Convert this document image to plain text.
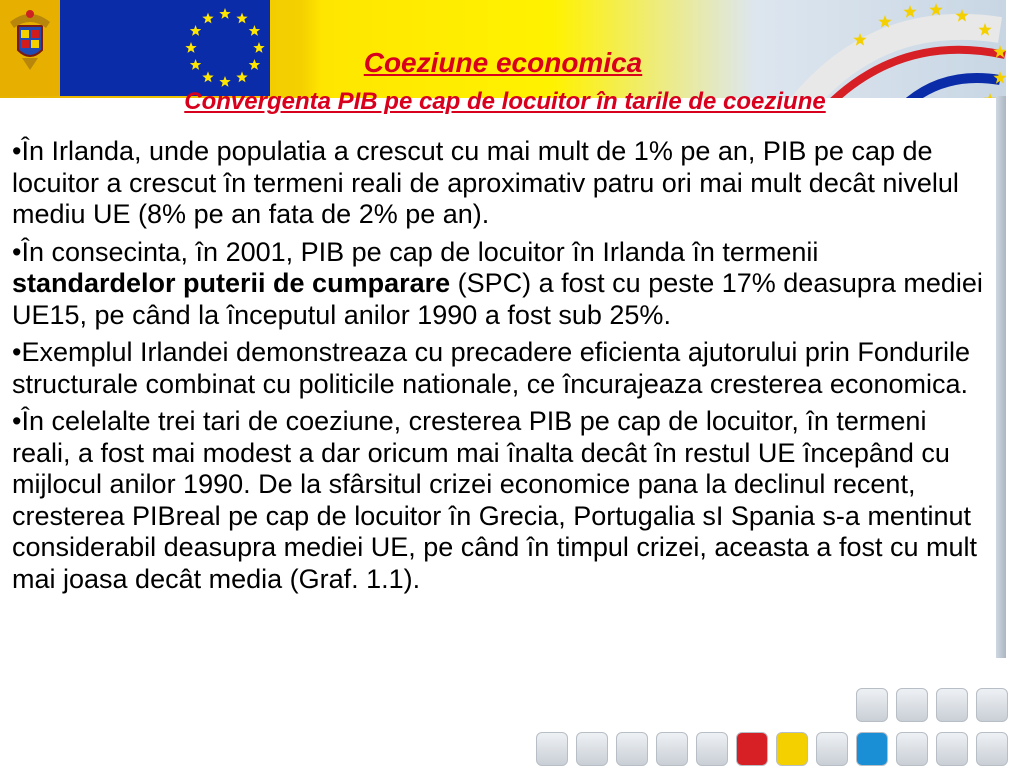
Coeziune economica
Convergenta PIB pe cap de locuitor în tarile de coeziune

•În Irlanda, unde populatia a crescut cu mai mult de 1% pe an, PIB pe cap de locuitor a crescut în termeni reali de aproximativ patru ori mai mult decât nivelul mediu UE (8% pe an fata de 2% pe an).

•În consecinta, în 2001, PIB pe cap de locuitor în Irlanda în termenii standardelor puterii de cumparare (SPC) a fost cu peste 17% deasupra mediei UE15, pe când la începutul anilor 1990 a fost sub 25%.

•Exemplul Irlandei demonstreaza cu precadere eficienta ajutorului prin Fondurile structurale combinat cu politicile nationale, ce încurajeaza cresterea economica.

•În celelalte trei tari de coeziune, cresterea PIB pe cap de locuitor, în termeni reali, a fost mai modest a dar oricum mai înalta decât în restul UE începând cu mijlocul anilor 1990. De la sfârsitul crizei economice pana la declinul recent, cresterea PIBreal pe cap de locuitor în Grecia, Portugalia sI Spania s-a mentinut considerabil deasupra mediei UE, pe când în timpul crizei, aceasta a fost cu mult mai joasa decât media (Graf. 1.1).
